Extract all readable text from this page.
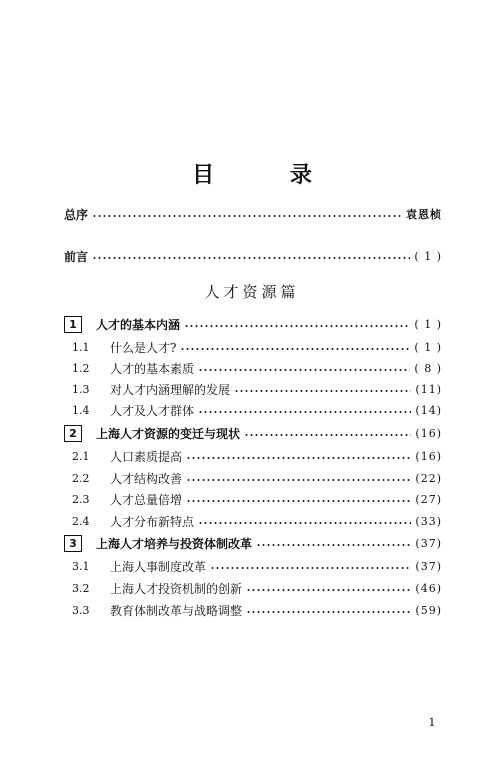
目 录
总序	袁恩桢
前言	( 1 )
人才资源篇
1	人才的基本内涵	( 1 )
1.1	什么是人才?	( 1 )
1.2	人才的基本素质	( 8 )
1.3	对人才内涵理解的发展	(11)
1.4	人才及人才群体	(14)
2	上海人才资源的变迁与现状	(16)
2.1	人口素质提高	(16)
2.2	人才结构改善	(22)
2.3	人才总量倍增	(27)
2.4	人才分布新特点	(33)
3	上海人才培养与投资体制改革	(37)
3.1	上海人事制度改革	(37)
3.2	上海人才投资机制的创新	(46)
3.3	教育体制改革与战略调整	(59)
1
